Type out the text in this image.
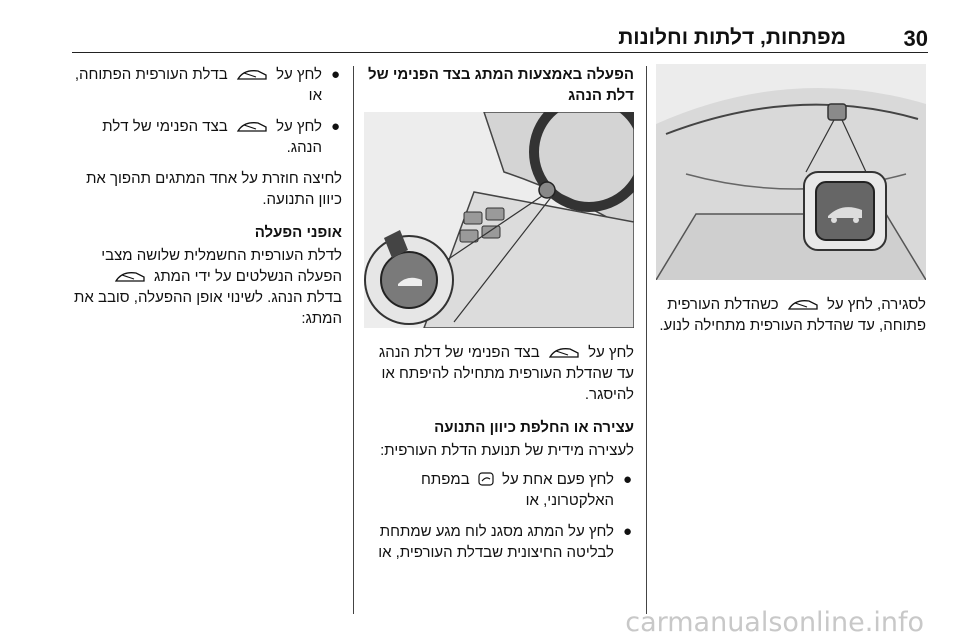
30
מפתחות, דלתות וחלונות

לסגירה, לחץ על  כשהדלת העורפית פתוחה, עד שהדלת העורפית מתחילה לנוע.

הפעלה באמצעות המתג בצד הפנימי של דלת הנהג

לחץ על  בצד הפנימי של דלת הנהג עד שהדלת העורפית מתחילה להיפתח או להיסגר.

עצירה או החלפת כיוון התנועה

לעצירה מידית של תנועת הדלת העורפית:

●
לחץ פעם אחת על  במפתח האלקטרוני, או
●
לחץ על המתג מסגנ לוח מגע שמתחת לבליטה החיצונית שבדלת העורפית, או
●
לחץ על  בדלת העורפית הפתוחה, או
●
לחץ על  בצד הפנימי של דלת הנהג.

לחיצה חוזרת על אחד המתגים תהפוך את כיוון התנועה.

אופני הפעלה

לדלת העורפית החשמלית שלושה מצבי הפעלה הנשלטים על ידי המתג  בדלת הנהג. לשינוי אופן ההפעלה, סובב את המתג:

carmanualsonline.info
